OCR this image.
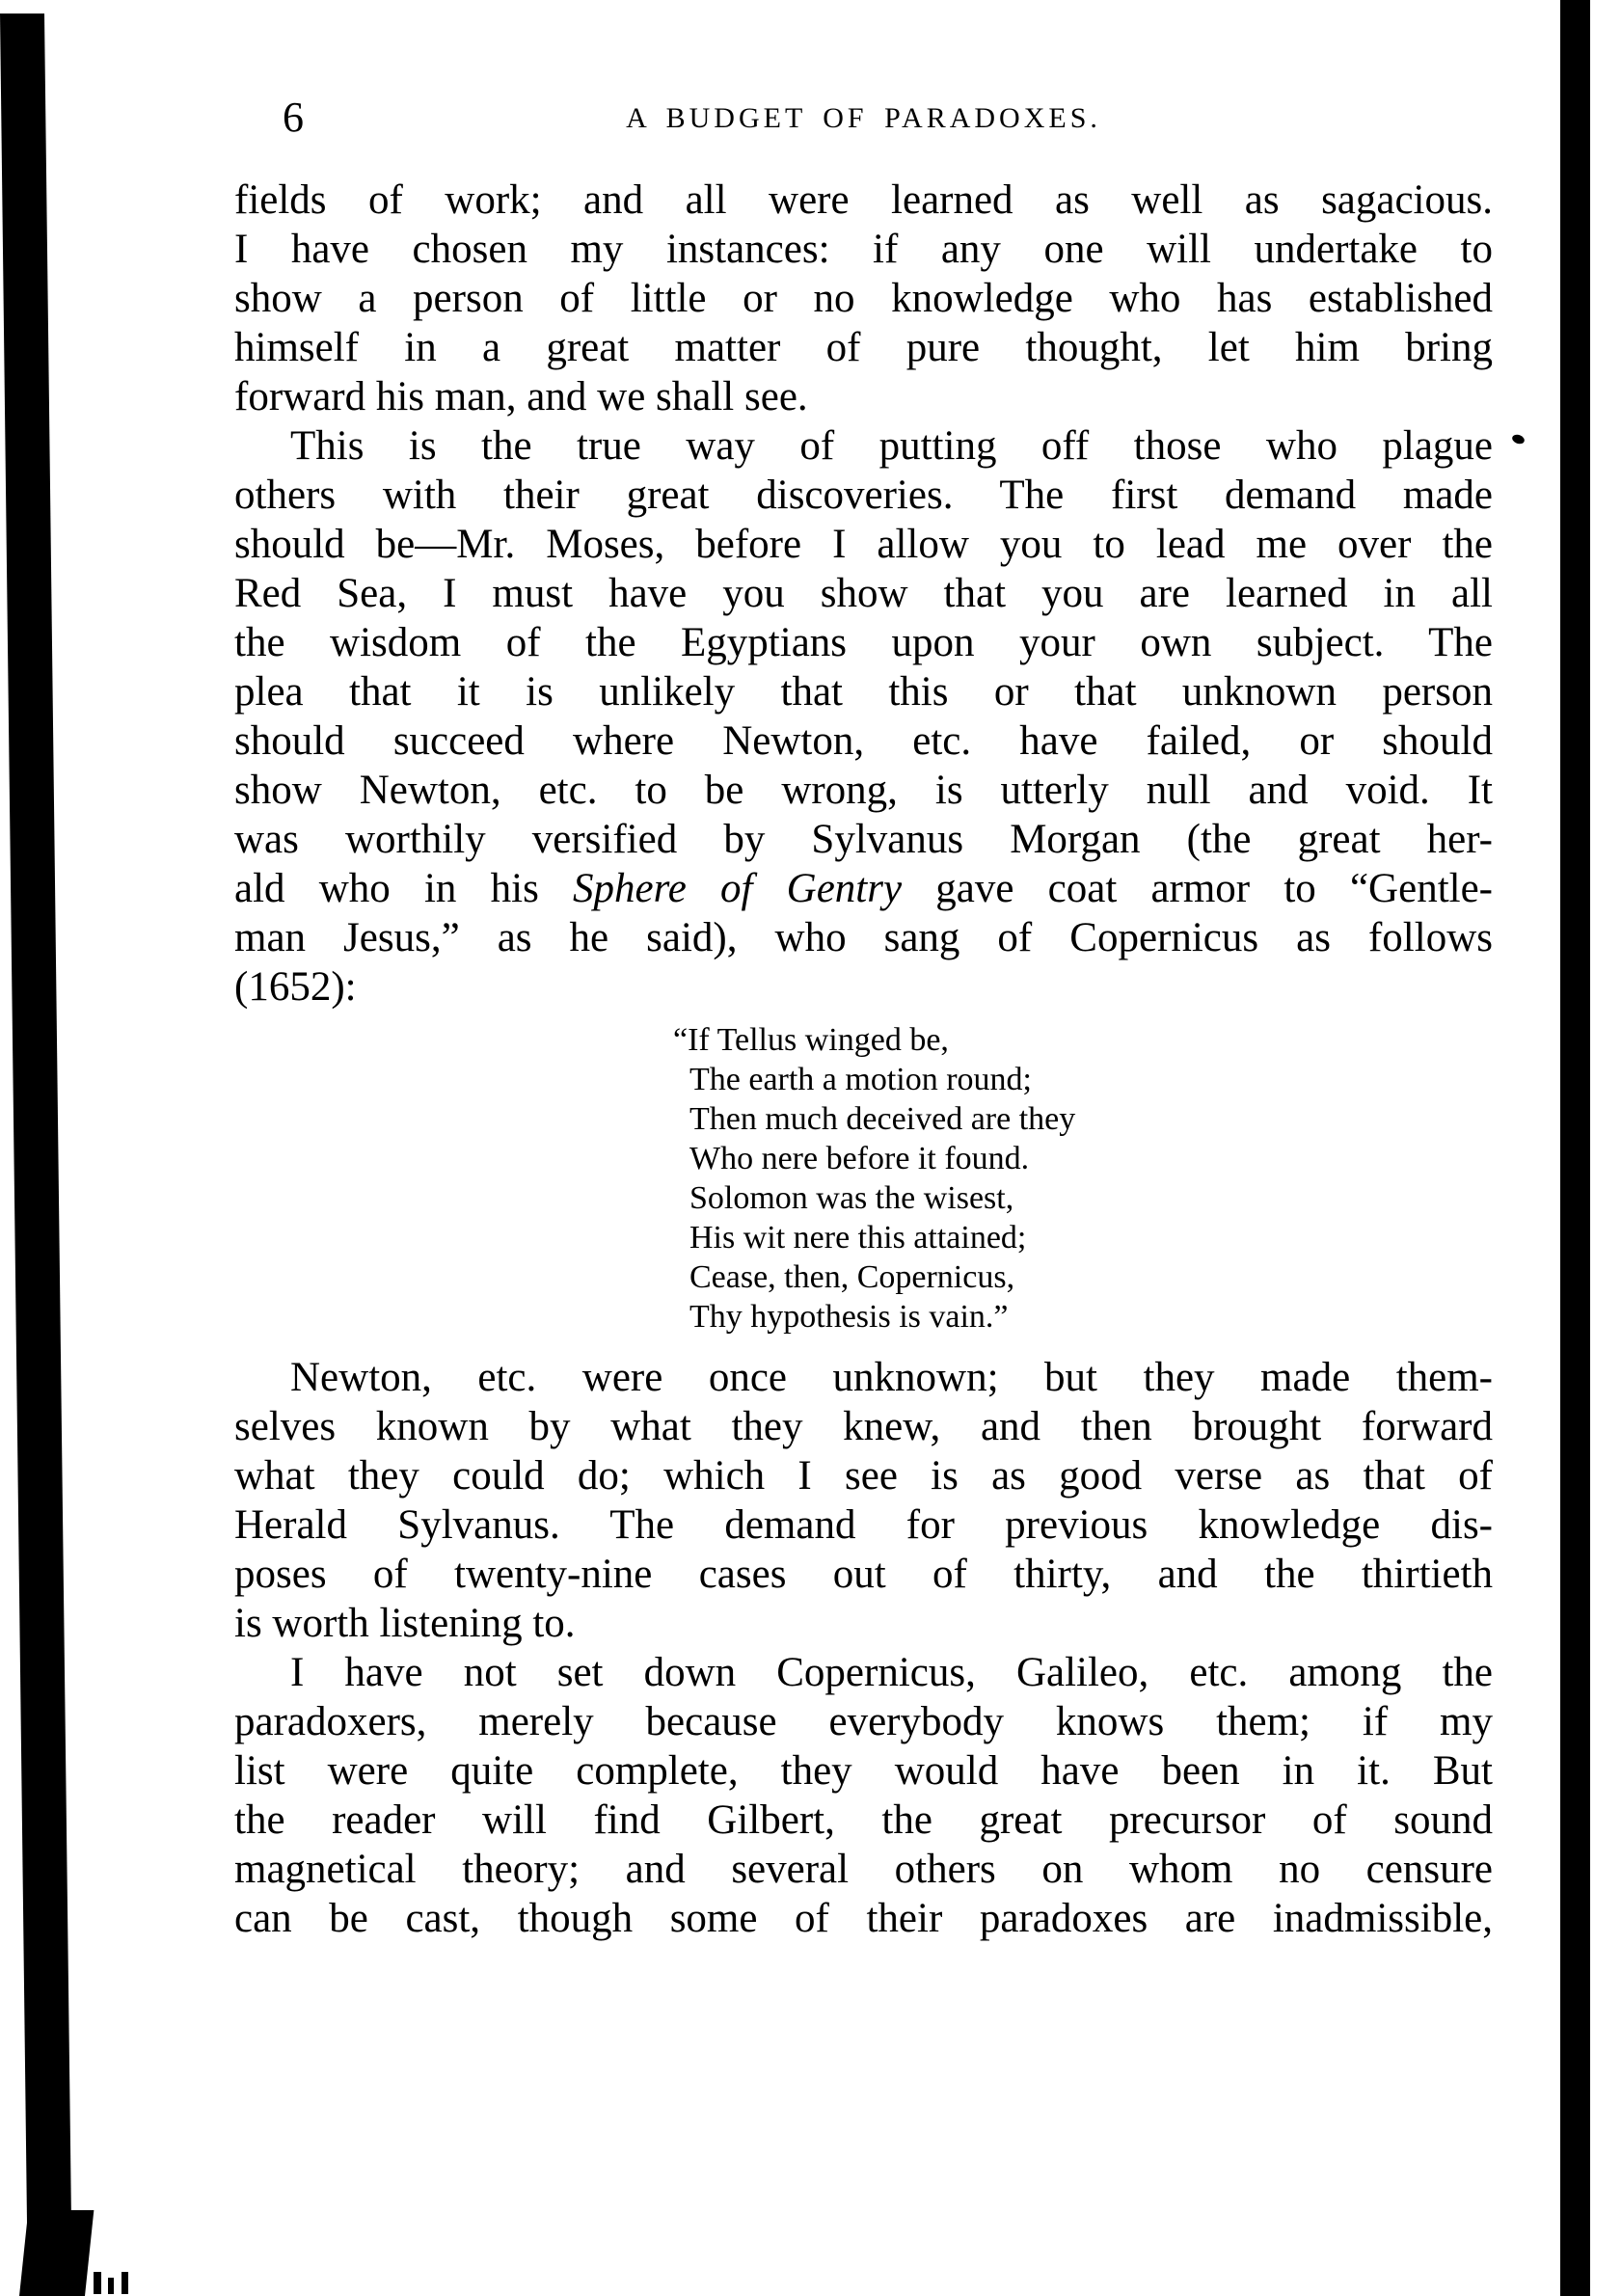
6	A BUDGET OF PARADOXES.
fields of work; and all were learned as well as sagacious.
I have chosen my instances: if any one will undertake to
show a person of little or no knowledge who has established
himself in a great matter of pure thought, let him bring
forward his man, and we shall see.
This is the true way of putting off those who plague
others with their great discoveries. The first demand made
should be—Mr. Moses, before I allow you to lead me over the
Red Sea, I must have you show that you are learned in all
the wisdom of the Egyptians upon your own subject. The
plea that it is unlikely that this or that unknown person
should succeed where Newton, etc. have failed, or should
show Newton, etc. to be wrong, is utterly null and void. It
was worthily versified by Sylvanus Morgan (the great her-
ald who in his Sphere of Gentry gave coat armor to “Gentle-
man Jesus,” as he said), who sang of Copernicus as follows
(1652):
“If Tellus winged be,
The earth a motion round;
Then much deceived are they
Who nere before it found.
Solomon was the wisest,
His wit nere this attained;
Cease, then, Copernicus,
Thy hypothesis is vain.”
Newton, etc. were once unknown; but they made them-
selves known by what they knew, and then brought forward
what they could do; which I see is as good verse as that of
Herald Sylvanus. The demand for previous knowledge dis-
poses of twenty-nine cases out of thirty, and the thirtieth
is worth listening to.
I have not set down Copernicus, Galileo, etc. among the
paradoxers, merely because everybody knows them; if my
list were quite complete, they would have been in it. But
the reader will find Gilbert, the great precursor of sound
magnetical theory; and several others on whom no censure
can be cast, though some of their paradoxes are inadmissible,
